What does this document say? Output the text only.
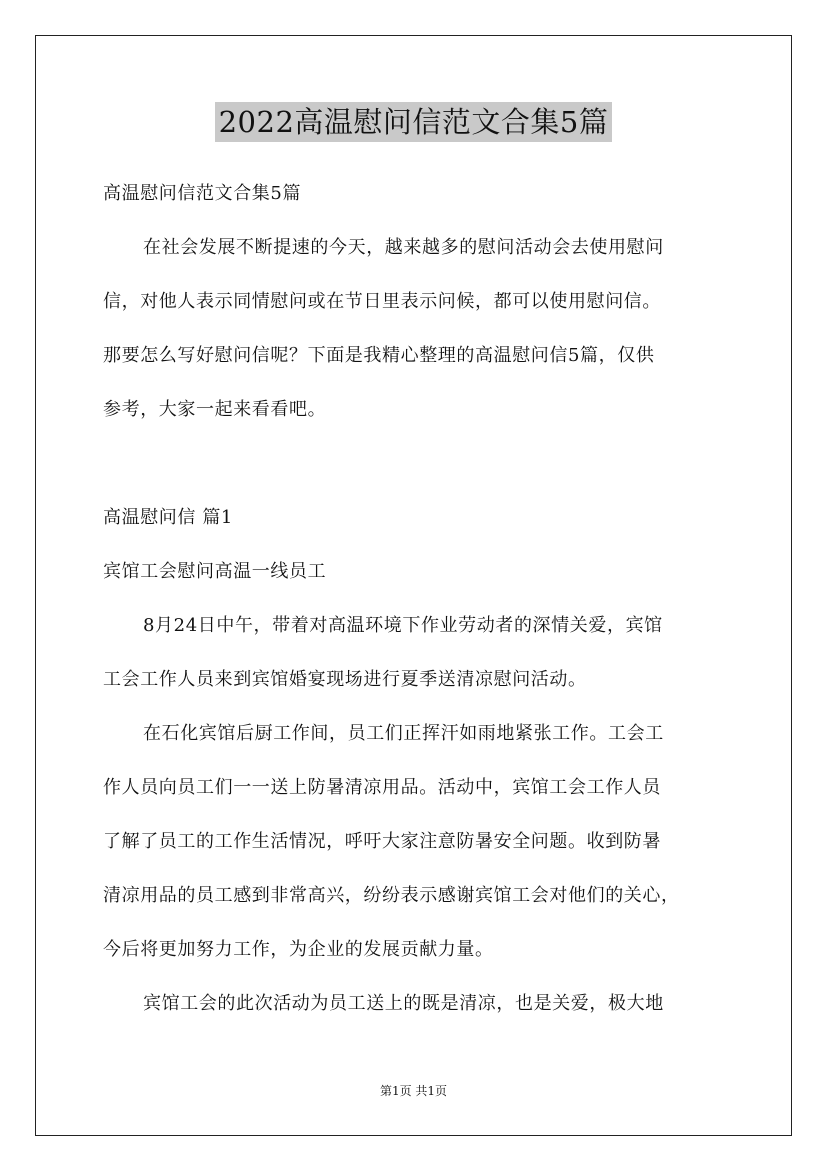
2022高温慰问信范文合集5篇
高温慰问信范文合集5篇
在社会发展不断提速的今天，越来越多的慰问活动会去使用慰问
信，对他人表示同情慰问或在节日里表示问候，都可以使用慰问信。
那要怎么写好慰问信呢？下面是我精心整理的高温慰问信5篇，仅供
参考，大家一起来看看吧。
高温慰问信 篇1
宾馆工会慰问高温一线员工
8月24日中午，带着对高温环境下作业劳动者的深情关爱，宾馆
工会工作人员来到宾馆婚宴现场进行夏季送清凉慰问活动。
在石化宾馆后厨工作间，员工们正挥汗如雨地紧张工作。工会工
作人员向员工们一一送上防暑清凉用品。活动中，宾馆工会工作人员
了解了员工的工作生活情况，呼吁大家注意防暑安全问题。收到防暑
清凉用品的员工感到非常高兴，纷纷表示感谢宾馆工会对他们的关心，
今后将更加努力工作，为企业的发展贡献力量。
宾馆工会的此次活动为员工送上的既是清凉，也是关爱，极大地
第1页 共1页
